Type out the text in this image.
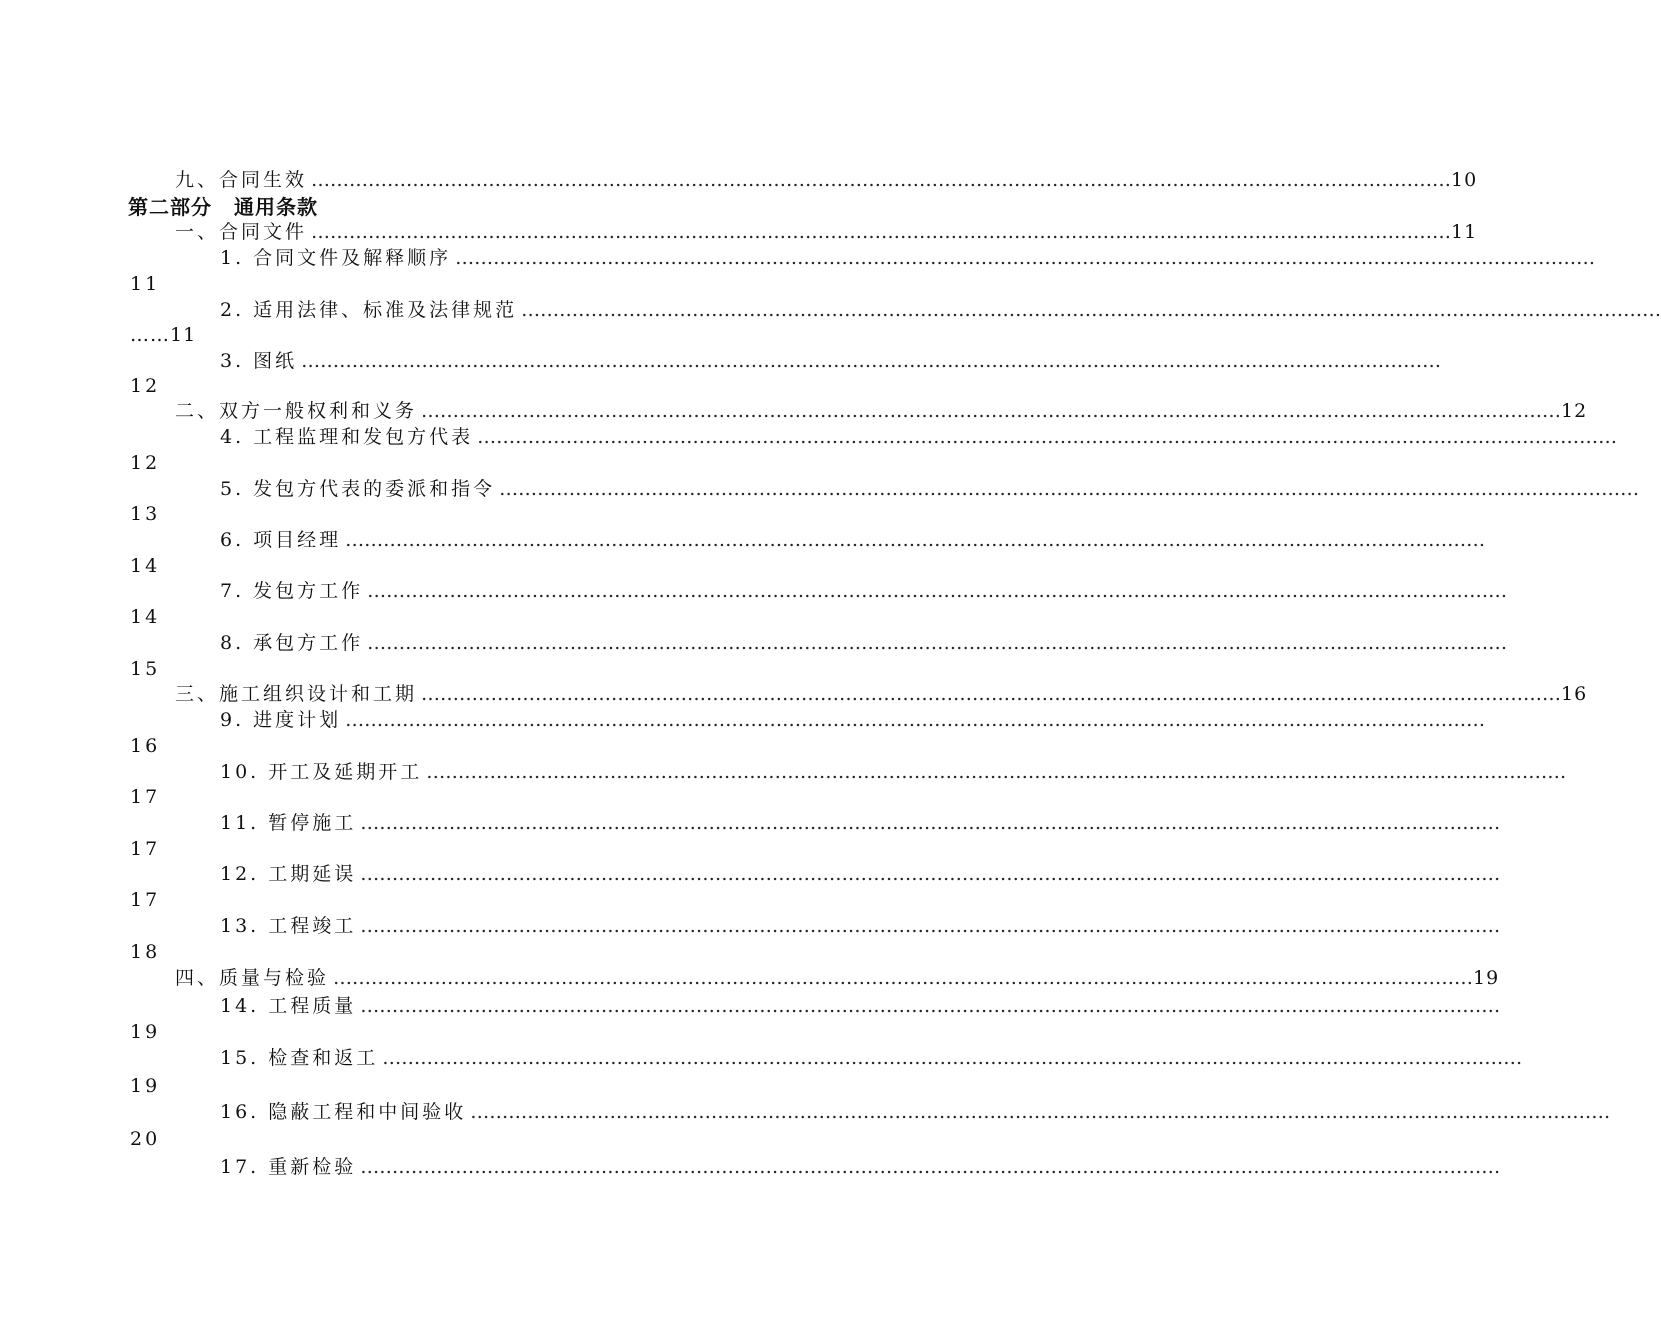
九、合同生效 ……………………………………………………………………………………………………………………………………………………………… 10
第二部分 通用条款
一、合同文件 ……………………………………………………………………………………………………………………………………………………………… 11
1. 合同文件及解释顺序 ………………………………………………………………………………………………………………………………………………………………
11
2. 适用法律、标准及法律规范 ………………………………………………………………………………………………………………………………………………………………
……11
3. 图纸 ………………………………………………………………………………………………………………………………………………………………
12
二、双方一般权利和义务 ……………………………………………………………………………………………………………………………………………………………… 12
4. 工程监理和发包方代表 ………………………………………………………………………………………………………………………………………………………………
12
5. 发包方代表的委派和指令 ………………………………………………………………………………………………………………………………………………………………
13
6. 项目经理 ………………………………………………………………………………………………………………………………………………………………
14
7. 发包方工作 ………………………………………………………………………………………………………………………………………………………………
14
8. 承包方工作 ………………………………………………………………………………………………………………………………………………………………
15
三、施工组织设计和工期 ……………………………………………………………………………………………………………………………………………………………… 16
9. 进度计划 ………………………………………………………………………………………………………………………………………………………………
16
10. 开工及延期开工 ………………………………………………………………………………………………………………………………………………………………
17
11. 暂停施工 ………………………………………………………………………………………………………………………………………………………………
17
12. 工期延误 ………………………………………………………………………………………………………………………………………………………………
17
13. 工程竣工 ………………………………………………………………………………………………………………………………………………………………
18
四、质量与检验 ……………………………………………………………………………………………………………………………………………………………… 19
14. 工程质量 ………………………………………………………………………………………………………………………………………………………………
19
15. 检查和返工 ………………………………………………………………………………………………………………………………………………………………
19
16. 隐蔽工程和中间验收 ………………………………………………………………………………………………………………………………………………………………
20
17. 重新检验 ………………………………………………………………………………………………………………………………………………………………
